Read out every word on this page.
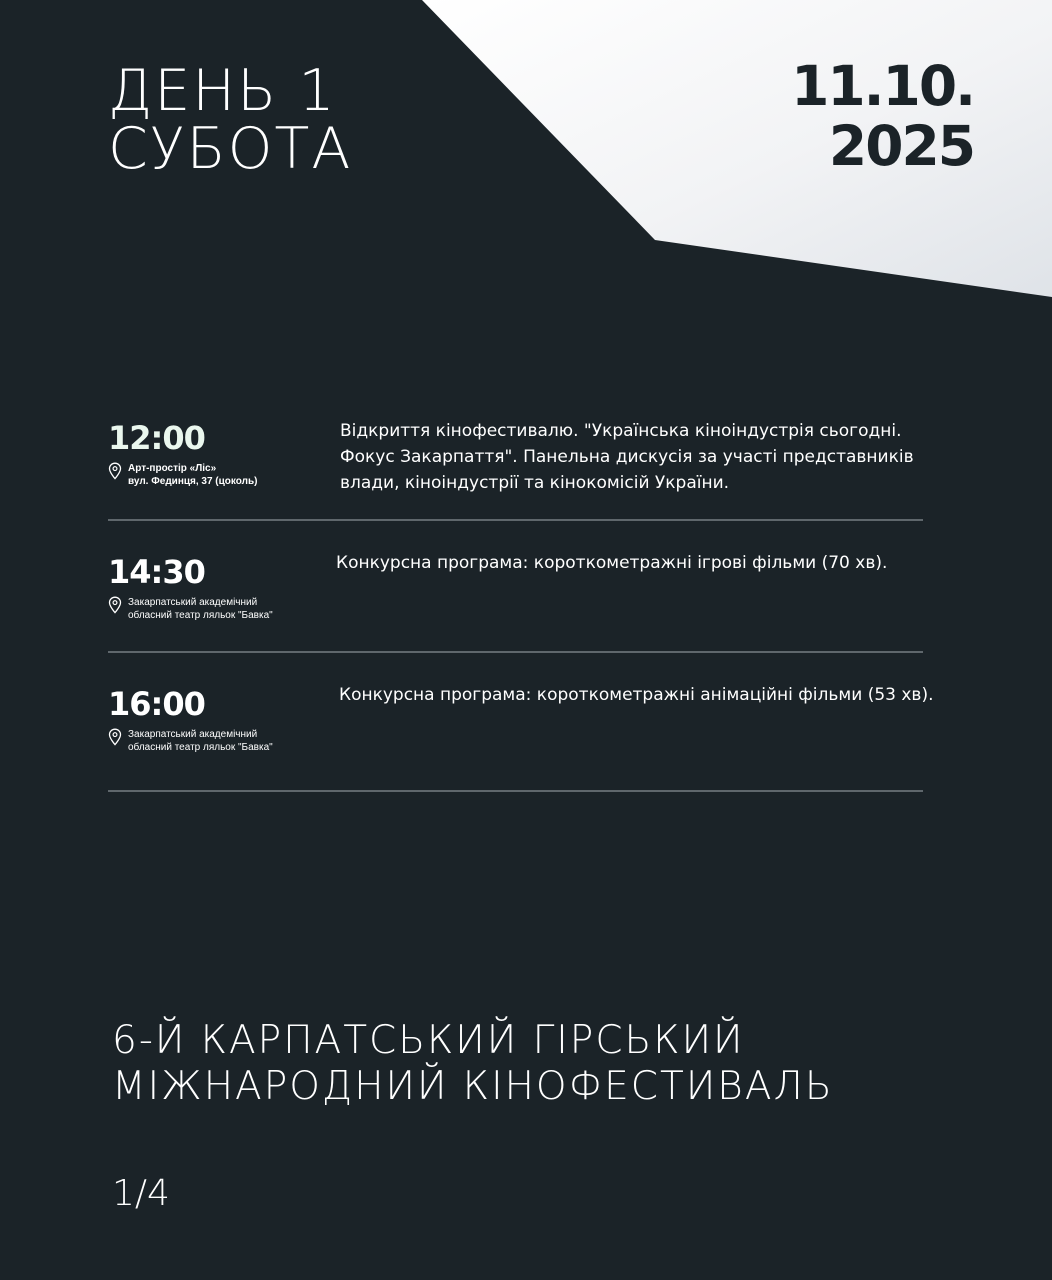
ДЕНЬ 1
СУБОТА
11.10.
2025
12:00
Арт-простір «Ліс»
вул. Фединця, 37 (цоколь)

Відкриття кінофестивалю. "Українська кіноіндустрія сьогодні.
Фокус Закарпаття". Панельна дискусія за участі представників
влади, кіноіндустрії та кінокомісій України.

14:30
Закарпатський академічний
обласний театр ляльок "Бавка"

Конкурсна програма: короткометражні ігрові фільми (70 хв).

16:00
Закарпатський академічний
обласний театр ляльок "Бавка"

Конкурсна програма: короткометражні анімаційні фільми (53 хв).

6-Й КАРПАТСЬКИЙ ГІРСЬКИЙ
МІЖНАРОДНИЙ КІНОФЕСТИВАЛЬ
1/4
